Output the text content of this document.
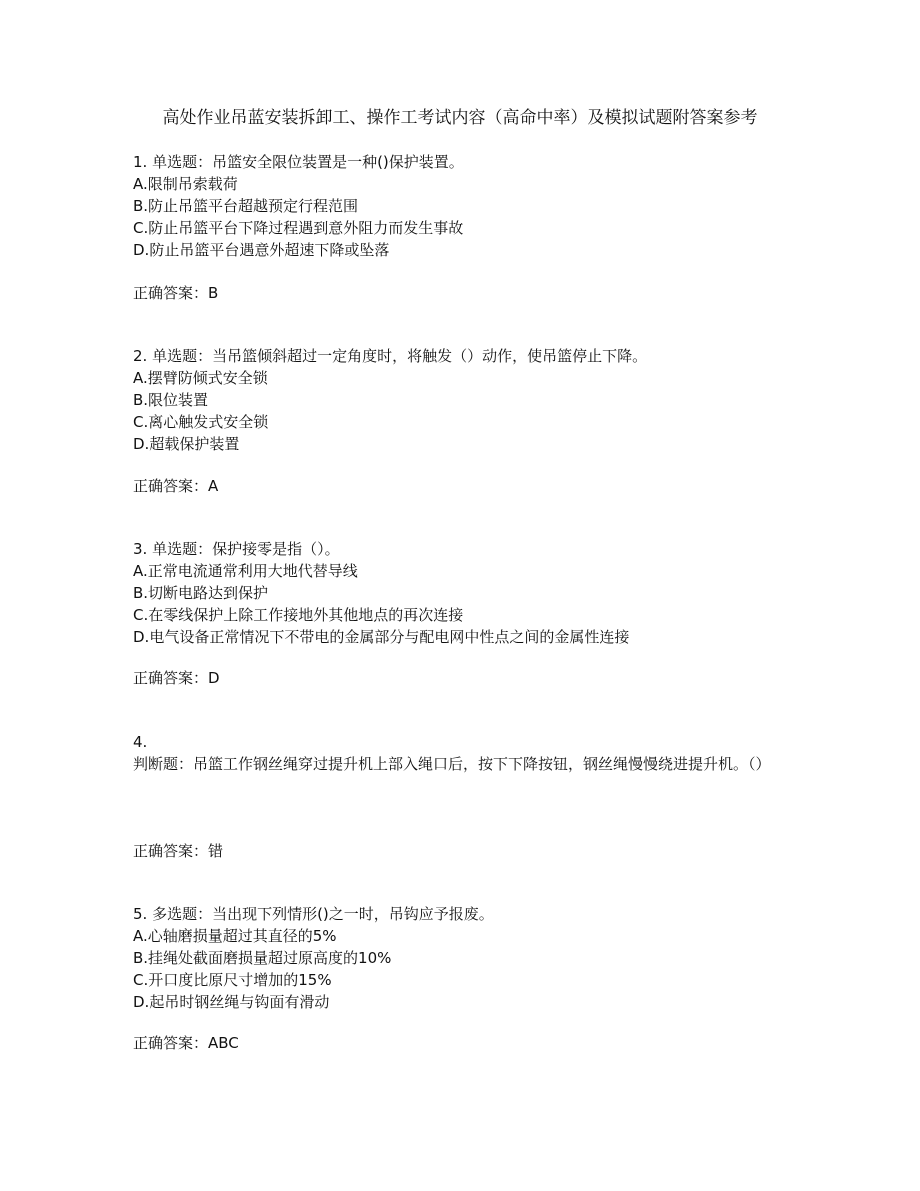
高处作业吊蓝安装拆卸工、操作工考试内容（高命中率）及模拟试题附答案参考
1. 单选题：吊篮安全限位装置是一种()保护装置。
A.限制吊索载荷
B.防止吊篮平台超越预定行程范围
C.防止吊篮平台下降过程遇到意外阻力而发生事故
D.防止吊篮平台遇意外超速下降或坠落
正确答案：B
2. 单选题：当吊篮倾斜超过一定角度时，将触发（）动作，使吊篮停止下降。
A.摆臂防倾式安全锁
B.限位装置
C.离心触发式安全锁
D.超载保护装置
正确答案：A
3. 单选题：保护接零是指（）。
A.正常电流通常利用大地代替导线
B.切断电路达到保护
C.在零线保护上除工作接地外其他地点的再次连接
D.电气设备正常情况下不带电的金属部分与配电网中性点之间的金属性连接
正确答案：D
4.
判断题：吊篮工作钢丝绳穿过提升机上部入绳口后，按下下降按钮，钢丝绳慢慢绕进提升机。（）
正确答案：错
5. 多选题：当出现下列情形()之一时，吊钩应予报废。
A.心轴磨损量超过其直径的5%
B.挂绳处截面磨损量超过原高度的10%
C.开口度比原尺寸增加的15%
D.起吊时钢丝绳与钩面有滑动
正确答案：ABC
